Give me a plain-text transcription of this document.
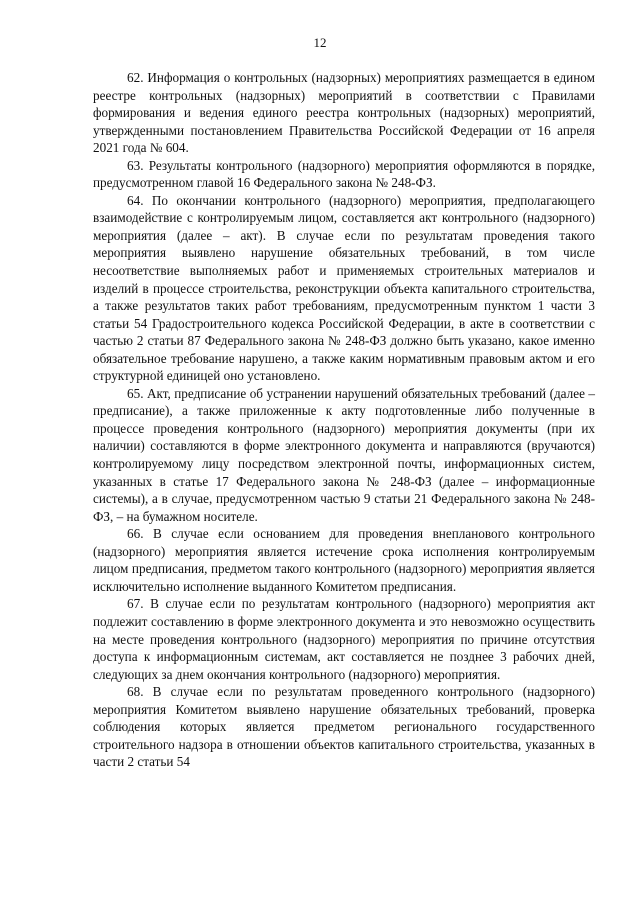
12

62. Информация о контрольных (надзорных) мероприятиях размещается в едином реестре контрольных (надзорных) мероприятий в соответствии с Правилами формирования и ведения единого реестра контрольных (надзорных) мероприятий, утвержденными постановлением Правительства Российской Федерации от 16 апреля 2021 года № 604.

63. Результаты контрольного (надзорного) мероприятия оформляются в порядке, предусмотренном главой 16 Федерального закона № 248-ФЗ.

64. По окончании контрольного (надзорного) мероприятия, предполагающего взаимодействие с контролируемым лицом, составляется акт контрольного (надзорного) мероприятия (далее – акт). В случае если по результатам проведения такого мероприятия выявлено нарушение обязательных требований, в том числе несоответствие выполняемых работ и применяемых строительных материалов и изделий в процессе строительства, реконструкции объекта капитального строительства, а также результатов таких работ требованиям, предусмотренным пунктом 1 части 3 статьи 54 Градостроительного кодекса Российской Федерации, в акте в соответствии с частью 2 статьи 87 Федерального закона № 248-ФЗ должно быть указано, какое именно обязательное требование нарушено, а также каким нормативным правовым актом и его структурной единицей оно установлено.

65. Акт, предписание об устранении нарушений обязательных требований (далее – предписание), а также приложенные к акту подготовленные либо полученные в процессе проведения контрольного (надзорного) мероприятия документы (при их наличии) составляются в форме электронного документа и направляются (вручаются) контролируемому лицу посредством электронной почты, информационных систем, указанных в статье 17 Федерального закона № 248-ФЗ (далее – информационные системы), а в случае, предусмотренном частью 9 статьи 21 Федерального закона № 248-ФЗ, – на бумажном носителе.

66. В случае если основанием для проведения внепланового контрольного (надзорного) мероприятия является истечение срока исполнения контролируемым лицом предписания, предметом такого контрольного (надзорного) мероприятия является исключительно исполнение выданного Комитетом предписания.

67. В случае если по результатам контрольного (надзорного) мероприятия акт подлежит составлению в форме электронного документа и это невозможно осуществить на месте проведения контрольного (надзорного) мероприятия по причине отсутствия доступа к информационным системам, акт составляется не позднее 3 рабочих дней, следующих за днем окончания контрольного (надзорного) мероприятия.

68. В случае если по результатам проведенного контрольного (надзорного) мероприятия Комитетом выявлено нарушение обязательных требований, проверка соблюдения которых является предметом регионального государственного строительного надзора в отношении объектов капитального строительства, указанных в части 2 статьи 54
